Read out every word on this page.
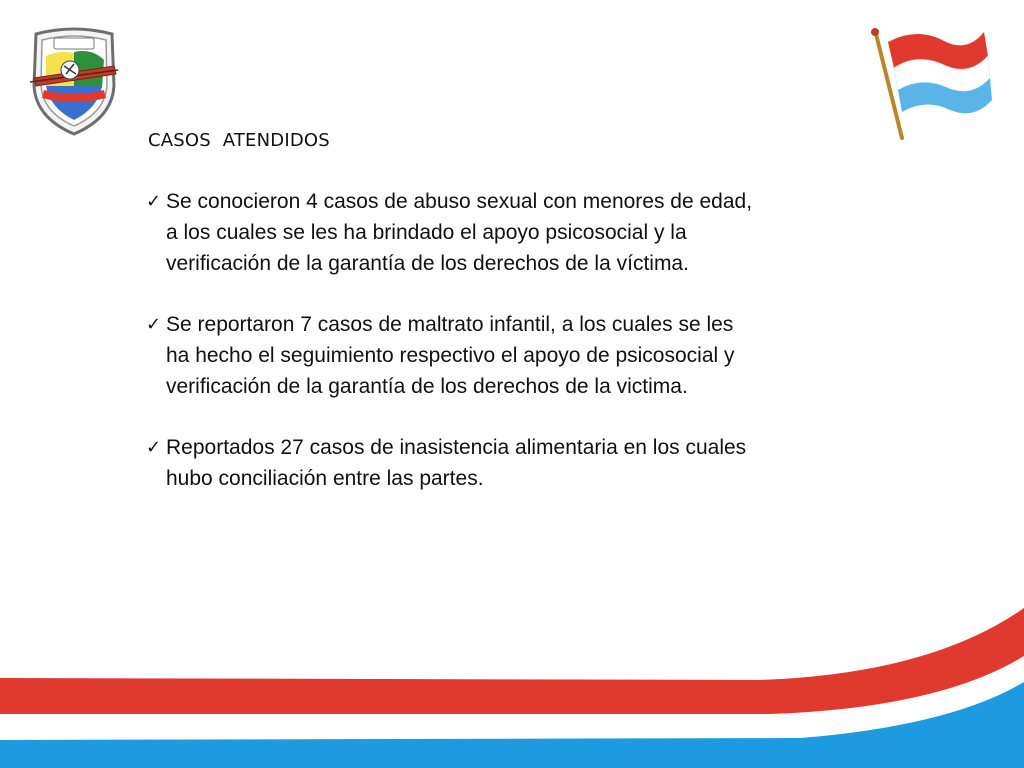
CASOS  ATENDIDOS
✓ Se conocieron 4 casos de abuso sexual con menores de edad,
a los cuales se les ha brindado el apoyo psicosocial y la
verificación de la garantía de los derechos de la víctima.
✓ Se reportaron 7 casos de maltrato infantil, a los cuales se les
ha hecho el seguimiento respectivo el apoyo de psicosocial y
verificación de la garantía de los derechos de la victima.
✓ Reportados 27 casos de inasistencia alimentaria en los cuales
hubo conciliación entre las partes.
